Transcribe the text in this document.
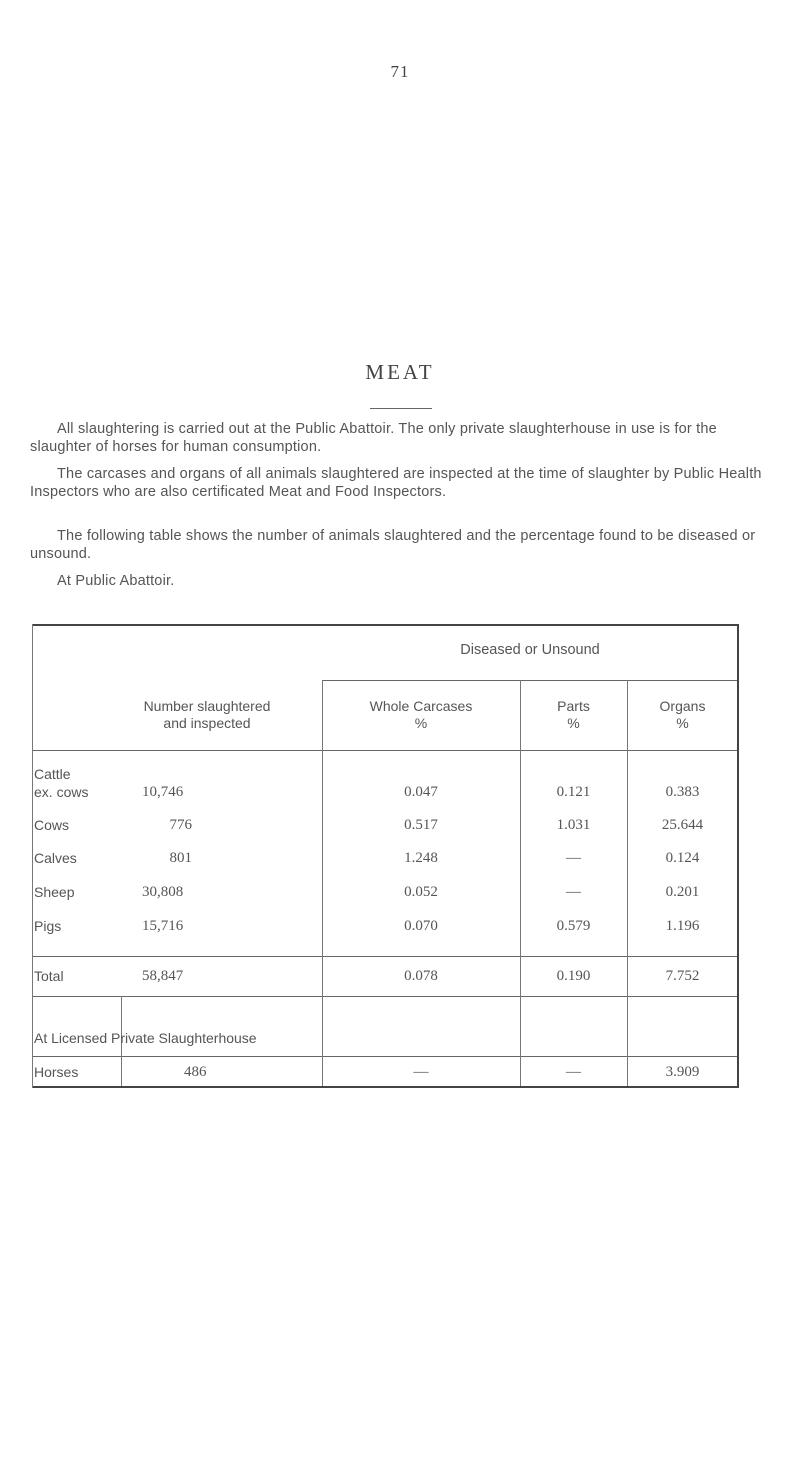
71
MEAT
All slaughtering is carried out at the Public Abattoir. The only private slaughterhouse in use is for the slaughter of horses for human consumption.
The carcases and organs of all animals slaughtered are inspected at the time of slaughter by Public Health Inspectors who are also certificated Meat and Food Inspectors.
The following table shows the number of animals slaughtered and the percentage found to be diseased or unsound.
At Public Abattoir.
Diseased or Unsound
Number slaughtered
and inspected
Whole Carcases
%
Parts
%
Organs
%
Cattle
ex. cows	10,746	0.047	0.121	0.383
Cows	776	0.517	1.031	25.644
Calves	801	1.248	—	0.124
Sheep	30,808	0.052	—	0.201
Pigs	15,716	0.070	0.579	1.196
Total	58,847	0.078	0.190	7.752
At Licensed Private Slaughterhouse
Horses	486	—	—	3.909
